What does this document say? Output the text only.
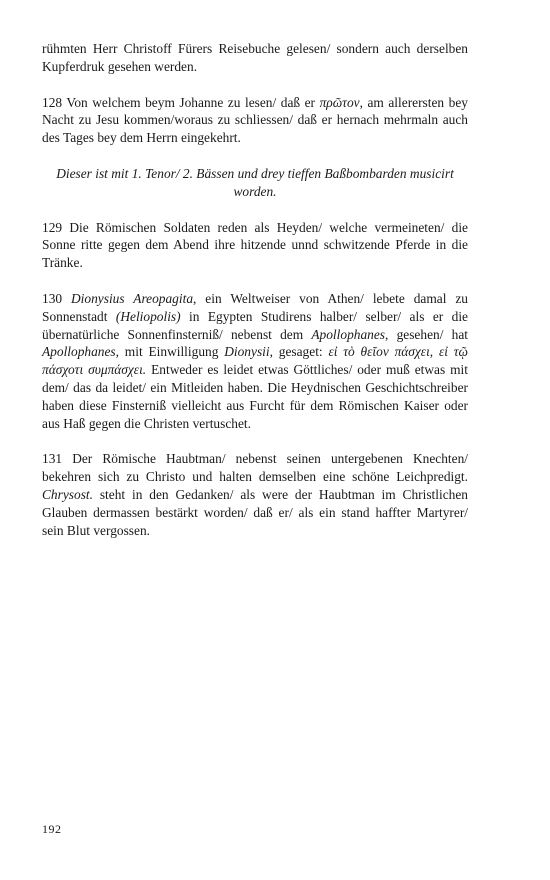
rühmten Herr Christoff Fürers Reisebuche gelesen/ sondern auch derselben Kupferdruk gesehen werden.

128 Von welchem beym Johanne zu lesen/ daß er πρῶτον, am allerersten bey Nacht zu Jesu kommen/woraus zu schliessen/ daß er hernach mehrmaln auch des Tages bey dem Herrn eingekehrt.

Dieser ist mit 1. Tenor/ 2. Bässen und drey tieffen Baßbombarden musicirt worden.

129 Die Römischen Soldaten reden als Heyden/ welche vermeineten/ die Sonne ritte gegen dem Abend ihre hitzende unnd schwitzende Pferde in die Tränke.

130 Dionysius Areopagita, ein Weltweiser von Athen/ lebete damal zu Sonnenstadt (Heliopolis) in Egypten Studirens halber/ selber/ als er die übernatürliche Sonnenfinsterniß/ nebenst dem Apollophanes, gesehen/ hat Apollophanes, mit Einwilligung Dionysii, gesaget: εἰ τὸ θεῖον πάσχει, εἰ τῷ πάσχοτι συμπάσχει. Entweder es leidet etwas Göttliches/ oder muß etwas mit dem/ das da leidet/ ein Mitleiden haben. Die Heydnischen Geschichtschreiber haben diese Finsterniß vielleicht aus Furcht für dem Römischen Kaiser oder aus Haß gegen die Christen vertuschet.

131 Der Römische Haubtman/ nebenst seinen untergebenen Knechten/ bekehren sich zu Christo und halten demselben eine schöne Leichpredigt. Chrysost. steht in den Gedanken/ als were der Haubtman im Christlichen Glauben dermassen bestärkt worden/ daß er/ als ein stand haffter Martyrer/ sein Blut vergossen.

192
